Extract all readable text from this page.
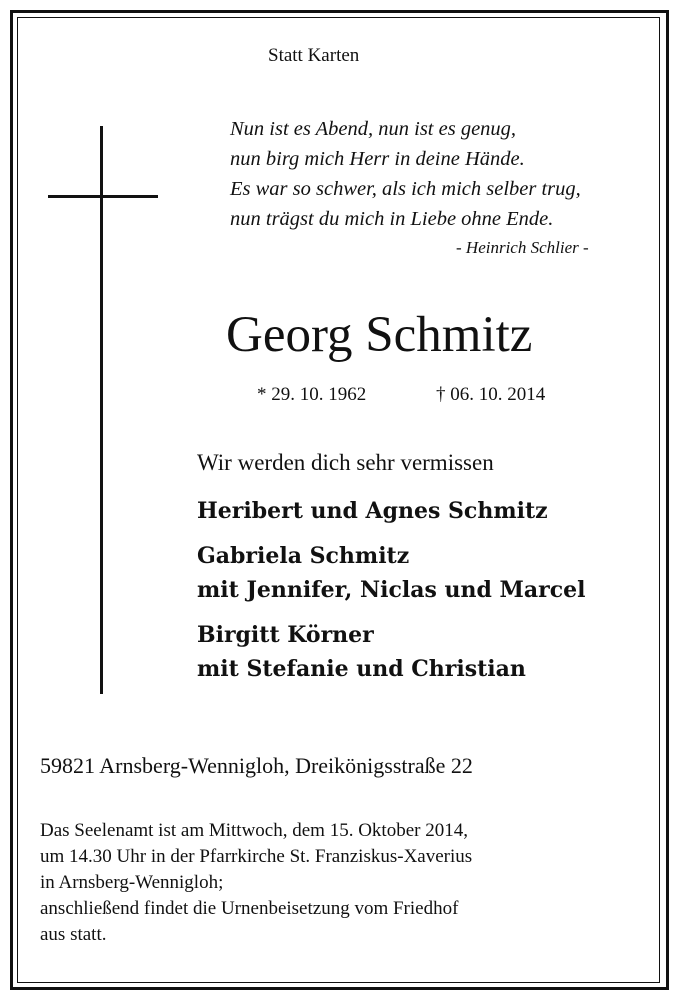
Statt Karten
Nun ist es Abend, nun ist es genug,
nun birg mich Herr in deine Hände.
Es war so schwer, als ich mich selber trug,
nun trägst du mich in Liebe ohne Ende.
- Heinrich Schlier -
Georg Schmitz
* 29. 10. 1962	† 06. 10. 2014
Wir werden dich sehr vermissen
Heribert und Agnes Schmitz
Gabriela Schmitz
mit Jennifer, Niclas und Marcel
Birgitt Körner
mit Stefanie und Christian
59821 Arnsberg-Wennigloh, Dreikönigsstraße 22
Das Seelenamt ist am Mittwoch, dem 15. Oktober 2014,
um 14.30 Uhr in der Pfarrkirche St. Franziskus-Xaverius
in Arnsberg-Wennigloh;
anschließend findet die Urnenbeisetzung vom Friedhof
aus statt.
